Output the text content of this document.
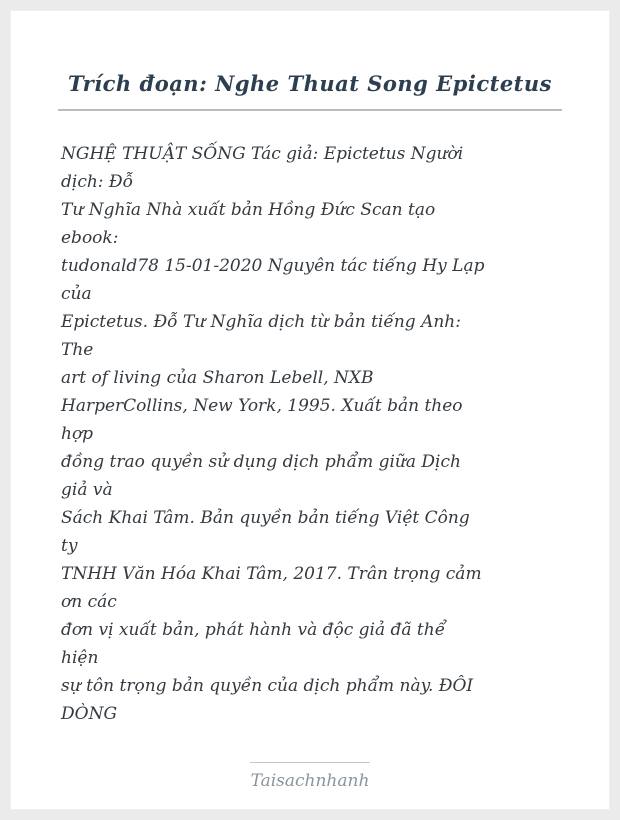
Trích đoạn: Nghe Thuat Song Epictetus
NGHỆ THUẬT SỐNG Tác giả: Epictetus Người
dịch: Đỗ
Tư Nghĩa Nhà xuất bản Hồng Đức Scan tạo
ebook:
tudonald78 15-01-2020 Nguyên tác tiếng Hy Lạp
của
Epictetus. Đỗ Tư Nghĩa dịch từ bản tiếng Anh:
The
art of living của Sharon Lebell, NXB
HarperCollins, New York, 1995. Xuất bản theo
hợp
đồng trao quyền sử dụng dịch phẩm giữa Dịch
giả và
Sách Khai Tâm. Bản quyền bản tiếng Việt Công
ty
TNHH Văn Hóa Khai Tâm, 2017. Trân trọng cảm
ơn các
đơn vị xuất bản, phát hành và độc giả đã thể
hiện
sự tôn trọng bản quyền của dịch phẩm này. ĐÔI
DÒNG
Taisachnhanh
